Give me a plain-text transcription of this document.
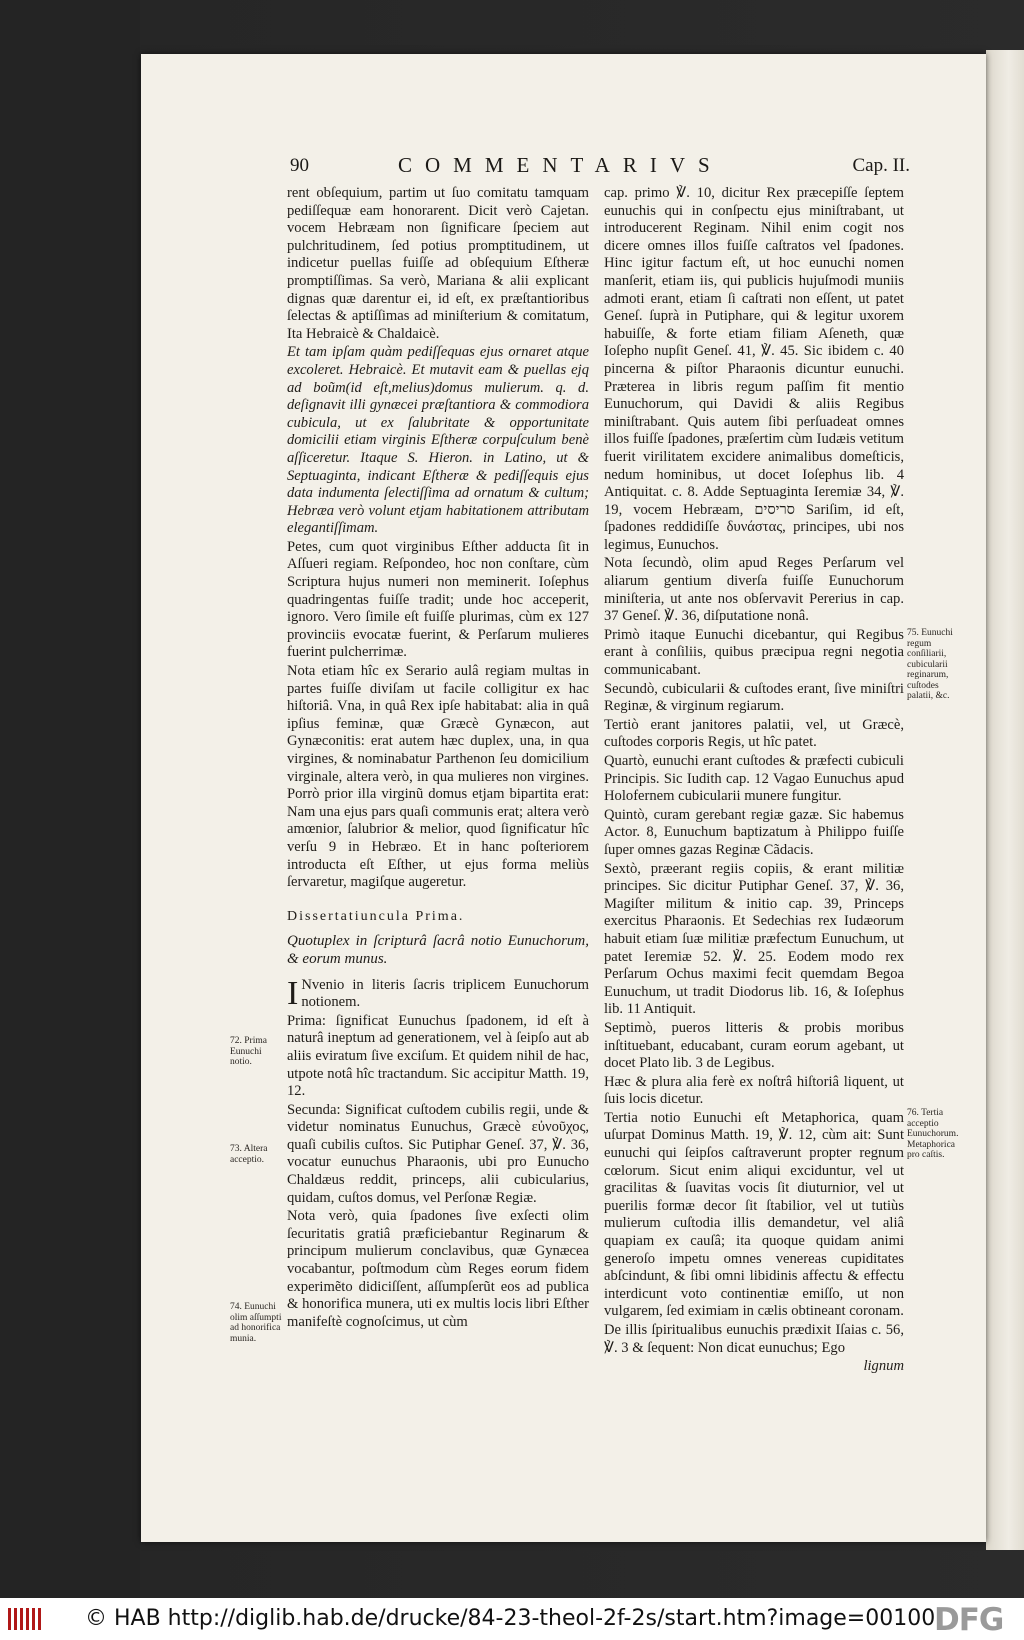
90	COMMENTARIVS	Cap. II.

rent obſequium, partim ut ſuo comitatu tamquam pediſſequæ eam honorarent. Dicit verò Cajetan. vocem Hebræam non ſignificare ſpeciem aut pulchritudinem, ſed potius promptitudinem, ut indicetur puellas fuiſſe ad obſequium Eſtheræ promptiſſimas. Sa verò, Mariana & alii explicant dignas quæ darentur ei, id eſt, ex præſtantioribus ſelectas & aptiſſimas ad miniſterium & comitatum, Ita Hebraicè & Chaldaicè.

Et tam ipſam quàm pediſſequas ejus ornaret atque excoleret. Hebraicè. Et mutavit eam & puellas ejq ad boũm(id eſt,melius)domus mulierum. q. d. deſignavit illi gynæcei præſtantiora & commodiora cubicula, ut ex ſalubritate & opportunitate domicilii etiam virginis Eſtheræ corpuſculum benè aſſiceretur. Itaque S. Hieron. in Latino, ut & Septuaginta, indicant Eſtheræ & pediſſequis ejus data indumenta ſelectiſſima ad ornatum & cultum; Hebræa verò volunt etjam habitationem attributam elegantiſſimam.

Petes, cum quot virginibus Eſther adducta ſit in Aſſueri regiam. Reſpondeo, hoc non conſtare, cùm Scriptura hujus numeri non meminerit. Ioſephus quadringentas fuiſſe tradit; unde hoc acceperit, ignoro. Vero ſimile eſt fuiſſe plurimas, cùm ex 127 provinciis evocatæ fuerint, & Perſarum mulieres fuerint pulcherrimæ.

Nota etiam hîc ex Serario aulâ regiam multas in partes fuiſſe diviſam ut facile colligitur ex hac hiſtoriâ. Vna, in quâ Rex ipſe habitabat: alia in quâ ipſius feminæ, quæ Græcè Gynæcon, aut Gynæconitis: erat autem hæc duplex, una, in qua virgines, & nominabatur Parthenon ſeu domicilium virginale, altera verò, in qua mulieres non virgines. Porrò prior illa virginũ domus etjam bipartita erat: Nam una ejus pars quaſi communis erat; altera verò amœnior, ſalubrior & melior, quod ſignificatur hîc verſu 9 in Hebræo. Et in hanc poſteriorem introducta eſt Eſther, ut ejus forma meliùs ſervaretur, magiſque augeretur.

Dissertatiuncula Prima.

Quotuplex in ſcripturâ ſacrâ notio Eunuchorum, & eorum munus.

I Nvenio in literis ſacris triplicem Eunuchorum notionem.

Prima: ſignificat Eunuchus ſpadonem, id eſt à naturâ ineptum ad generationem, vel à ſeipſo aut ab aliis eviratum ſive exciſum. Et quidem nihil de hac, utpote notâ hîc tractandum. Sic accipitur Matth. 19, 12.

Secunda: Significat cuſtodem cubilis regii, unde & videtur nominatus Eunuchus, Græcè εὐνοῦχος, quaſi cubilis cuſtos. Sic Putiphar Geneſ. 37, ℣. 36, vocatur eunuchus Pharaonis, ubi pro Eunucho Chaldæus reddit, princeps, alii cubicularius, quidam, cuſtos domus, vel Perſonæ Regiæ.

Nota verò, quia ſpadones ſive exſecti olim ſecuritatis gratiâ præficiebantur Reginarum & principum mulierum conclavibus, quæ Gynæcea vocabantur, poſtmodum cùm Reges eorum fidem experimẽto didiciſſent, aſſumpſerũt eos ad publica & honorifica munera, uti ex multis locis libri Eſther manifeſtè cognoſcimus, ut cùm

cap. primo ℣. 10, dicitur Rex præcepiſſe ſeptem eunuchis qui in conſpectu ejus miniſtrabant, ut introducerent Reginam. Nihil enim cogit nos dicere omnes illos fuiſſe caſtratos vel ſpadones. Hinc igitur factum eſt, ut hoc eunuchi nomen manſerit, etiam iis, qui publicis hujuſmodi muniis admoti erant, etiam ſi caſtrati non eſſent, ut patet Geneſ. ſuprà in Putiphare, qui & legitur uxorem habuiſſe, & forte etiam filiam Aſeneth, quæ Ioſepho nupſit Geneſ. 41, ℣. 45. Sic ibidem c. 40 pincerna & piſtor Pharaonis dicuntur eunuchi. Præterea in libris regum paſſim fit mentio Eunuchorum, qui Davidi & aliis Regibus miniſtrabant. Quis autem ſibi perſuadeat omnes illos fuiſſe ſpadones, præſertim cùm Iudæis vetitum fuerit virilitatem excidere animalibus domeſticis, nedum hominibus, ut docet Ioſephus lib. 4 Antiquitat. c. 8. Adde Septuaginta Ieremiæ 34, ℣. 19, vocem Hebræam, סריסים Sariſim, id eſt, ſpadones reddidiſſe δυνάστας, principes, ubi nos legimus, Eunuchos.

Nota ſecundò, olim apud Reges Perſarum vel aliarum gentium diverſa fuiſſe Eunuchorum miniſteria, ut ante nos obſervavit Pererius in cap. 37 Geneſ. ℣. 36, diſputatione nonâ.

Primò itaque Eunuchi dicebantur, qui Regibus erant à conſiliis, quibus præcipua regni negotia communicabant.

Secundò, cubicularii & cuſtodes erant, ſive miniſtri Reginæ, & virginum regiarum.

Tertiò erant janitores palatii, vel, ut Græcè, cuſtodes corporis Regis, ut hîc patet.

Quartò, eunuchi erant cuſtodes & præfecti cubiculi Principis. Sic Iudith cap. 12 Vagao Eunuchus apud Holofernem cubicularii munere fungitur.

Quintò, curam gerebant regiæ gazæ. Sic habemus Actor. 8, Eunuchum baptizatum à Philippo fuiſſe ſuper omnes gazas Reginæ Cãdacis.

Sextò, præerant regiis copiis, & erant militiæ principes. Sic dicitur Putiphar Geneſ. 37, ℣. 36, Magiſter militum & initio cap. 39, Princeps exercitus Pharaonis. Et Sedechias rex Iudæorum habuit etiam ſuæ militiæ præfectum Eunuchum, ut patet Ieremiæ 52. ℣. 25. Eodem modo rex Perſarum Ochus maximi fecit quemdam Begoa Eunuchum, ut tradit Diodorus lib. 16, & Ioſephus lib. 11 Antiquit.

Septimò, pueros litteris & probis moribus inſtituebant, educabant, curam eorum agebant, ut docet Plato lib. 3 de Legibus.

Hæc & plura alia ferè ex noſtrâ hiſtoriâ liquent, ut ſuis locis dicetur.

Tertia notio Eunuchi eſt Metaphorica, quam uſurpat Dominus Matth. 19, ℣. 12, cùm ait: Sunt eunuchi qui ſeipſos caſtraverunt propter regnum cœlorum. Sicut enim aliqui exciduntur, vel ut gracilitas & ſuavitas vocis ſit diuturnior, vel ut puerilis formæ decor ſit ſtabilior, vel ut tutiùs mulierum cuſtodia illis demandetur, vel aliâ quapiam ex cauſâ; ita quoque quidam animi generoſo impetu omnes venereas cupiditates abſcindunt, & ſibi omni libidinis affectu & effectu interdicunt voto continentiæ emiſſo, ut non vulgarem, ſed eximiam in cælis obtineant coronam.

De illis ſpiritualibus eunuchis prædixit Iſaias c. 56, ℣. 3 & ſequent: Non dicat eunuchus; Ego

lignum

72. Prima Eunuchi notio.
73. Altera acceptio.
74. Eunuchi olim aſſumpti ad honorifica munia.
75. Eunuchi regum conſiliarii, cubicularii reginarum, cuſtodes palatii, &c.
76. Tertia acceptio Eunuchorum. Metaphorica pro caſtis.
© HAB http://diglib.hab.de/drucke/84-23-theol-2f-2s/start.htm?image=00100
DFG
